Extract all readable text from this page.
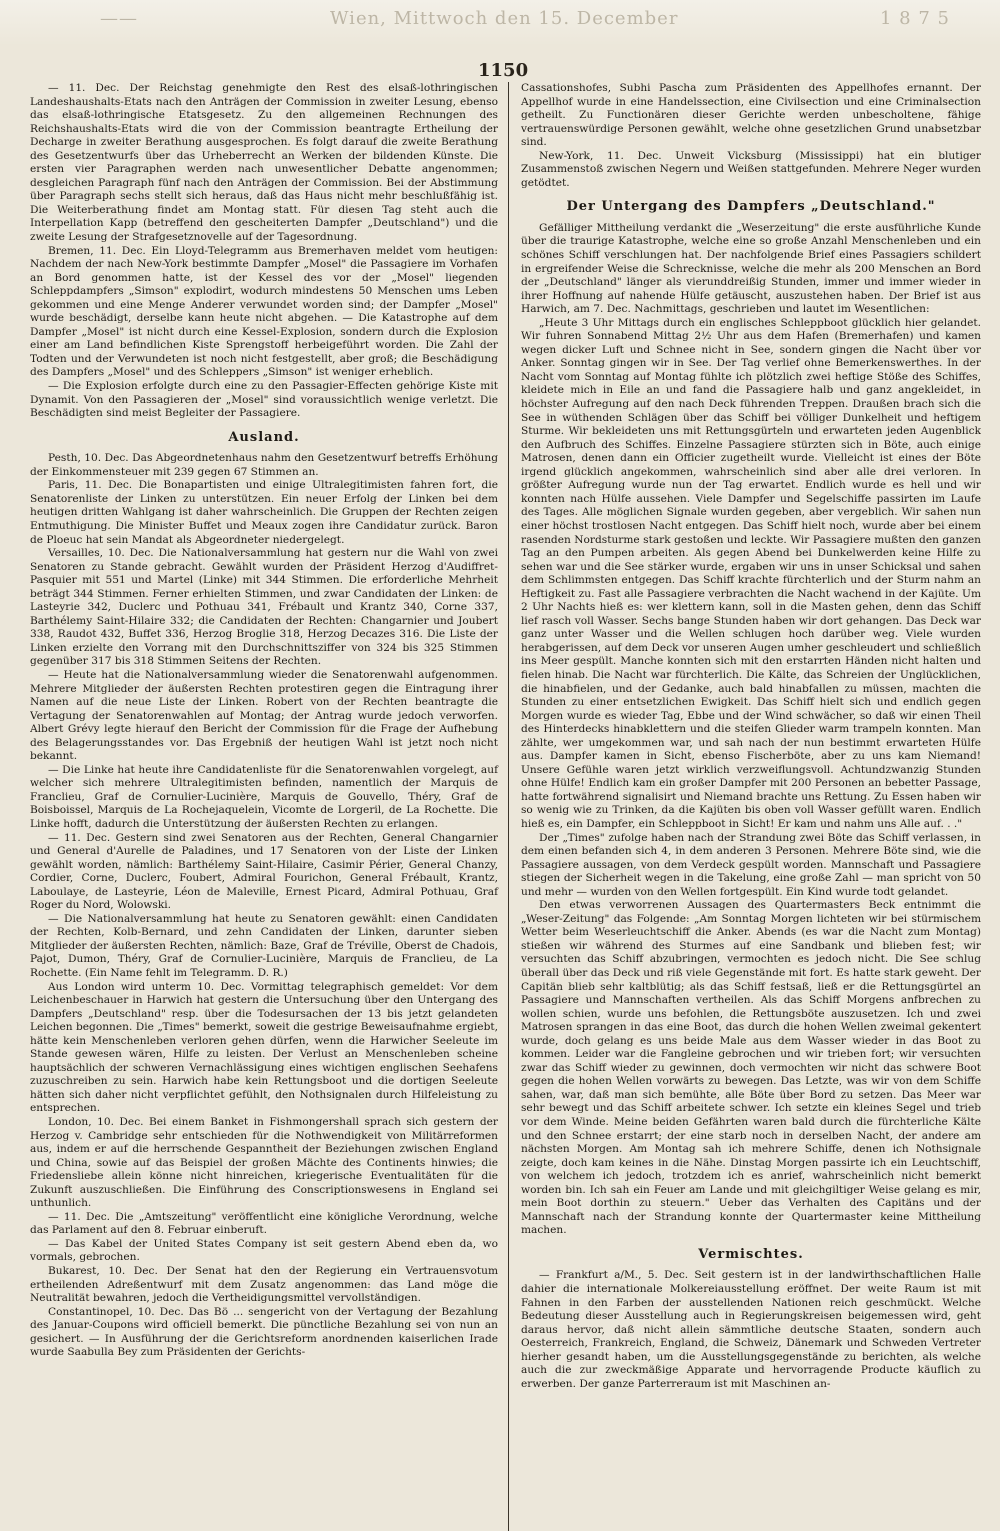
——	Wien, Mittwoch den 15. December	1 8 7 5
1150

— 11. Dec. Der Reichstag genehmigte den Rest des elsaß-lothringischen Landeshaushalts-Etats nach den Anträgen der Commission in zweiter Lesung, ebenso das elsaß-lothringische Etatsgesetz. Zu den allgemeinen Rechnungen des Reichshaushalts-Etats wird die von der Commission beantragte Ertheilung der Decharge in zweiter Berathung ausgesprochen. Es folgt darauf die zweite Berathung des Gesetzentwurfs über das Urheberrecht an Werken der bildenden Künste. Die ersten vier Paragraphen werden nach unwesentlicher Debatte angenommen; desgleichen Paragraph fünf nach den Anträgen der Commission. Bei der Abstimmung über Paragraph sechs stellt sich heraus, daß das Haus nicht mehr beschlußfähig ist. Die Weiterberathung findet am Montag statt. Für diesen Tag steht auch die Interpellation Kapp (betreffend den gescheiterten Dampfer „Deutschland") und die zweite Lesung der Strafgesetznovelle auf der Tagesordnung.

Bremen, 11. Dec. Ein Lloyd-Telegramm aus Bremerhaven meldet vom heutigen: Nachdem der nach New-York bestimmte Dampfer „Mosel" die Passagiere im Vorhafen an Bord genommen hatte, ist der Kessel des vor der „Mosel" liegenden Schleppdampfers „Simson" explodirt, wodurch mindestens 50 Menschen ums Leben gekommen und eine Menge Anderer verwundet worden sind; der Dampfer „Mosel" wurde beschädigt, derselbe kann heute nicht abgehen. — Die Katastrophe auf dem Dampfer „Mosel" ist nicht durch eine Kessel-Explosion, sondern durch die Explosion einer am Land befindlichen Kiste Sprengstoff herbeigeführt worden. Die Zahl der Todten und der Verwundeten ist noch nicht festgestellt, aber groß; die Beschädigung des Dampfers „Mosel" und des Schleppers „Simson" ist weniger erheblich.

— Die Explosion erfolgte durch eine zu den Passagier-Effecten gehörige Kiste mit Dynamit. Von den Passagieren der „Mosel" sind voraussichtlich wenige verletzt. Die Beschädigten sind meist Begleiter der Passagiere.

Ausland.

Pesth, 10. Dec. Das Abgeordnetenhaus nahm den Gesetzentwurf betreffs Erhöhung der Einkommensteuer mit 239 gegen 67 Stimmen an.

Paris, 11. Dec. Die Bonapartisten und einige Ultralegitimisten fahren fort, die Senatorenliste der Linken zu unterstützen. Ein neuer Erfolg der Linken bei dem heutigen dritten Wahlgang ist daher wahrscheinlich. Die Gruppen der Rechten zeigen Entmuthigung. Die Minister Buffet und Meaux zogen ihre Candidatur zurück. Baron de Ploeuc hat sein Mandat als Abgeordneter niedergelegt.

Versailles, 10. Dec. Die Nationalversammlung hat gestern nur die Wahl von zwei Senatoren zu Stande gebracht. Gewählt wurden der Präsident Herzog d'Audiffret-Pasquier mit 551 und Martel (Linke) mit 344 Stimmen. Die erforderliche Mehrheit beträgt 344 Stimmen. Ferner erhielten Stimmen, und zwar Candidaten der Linken: de Lasteyrie 342, Duclerc und Pothuau 341, Frébault und Krantz 340, Corne 337, Barthélemy Saint-Hilaire 332; die Candidaten der Rechten: Changarnier und Joubert 338, Raudot 432, Buffet 336, Herzog Broglie 318, Herzog Decazes 316. Die Liste der Linken erzielte den Vorrang mit den Durchschnittsziffer von 324 bis 325 Stimmen gegenüber 317 bis 318 Stimmen Seitens der Rechten.

— Heute hat die Nationalversammlung wieder die Senatorenwahl aufgenommen. Mehrere Mitglieder der äußersten Rechten protestiren gegen die Eintragung ihrer Namen auf die neue Liste der Linken. Robert von der Rechten beantragte die Vertagung der Senatorenwahlen auf Montag; der Antrag wurde jedoch verworfen. Albert Grévy legte hierauf den Bericht der Commission für die Frage der Aufhebung des Belagerungsstandes vor. Das Ergebniß der heutigen Wahl ist jetzt noch nicht bekannt.

— Die Linke hat heute ihre Candidatenliste für die Senatorenwahlen vorgelegt, auf welcher sich mehrere Ultralegitimisten befinden, namentlich der Marquis de Franclieu, Graf de Cornulier-Lucinière, Marquis de Gouvello, Théry, Graf de Boisboissel, Marquis de La Rochejaquelein, Vicomte de Lorgeril, de La Rochette. Die Linke hofft, dadurch die Unterstützung der äußersten Rechten zu erlangen.

— 11. Dec. Gestern sind zwei Senatoren aus der Rechten, General Changarnier und General d'Aurelle de Paladines, und 17 Senatoren von der Liste der Linken gewählt worden, nämlich: Barthélemy Saint-Hilaire, Casimir Périer, General Chanzy, Cordier, Corne, Duclerc, Foubert, Admiral Fourichon, General Frébault, Krantz, Laboulaye, de Lasteyrie, Léon de Maleville, Ernest Picard, Admiral Pothuau, Graf Roger du Nord, Wolowski.

— Die Nationalversammlung hat heute zu Senatoren gewählt: einen Candidaten der Rechten, Kolb-Bernard, und zehn Candidaten der Linken, darunter sieben Mitglieder der äußersten Rechten, nämlich: Baze, Graf de Tréville, Oberst de Chadois, Pajot, Dumon, Théry, Graf de Cornulier-Lucinière, Marquis de Franclieu, de La Rochette. (Ein Name fehlt im Telegramm. D. R.)

Aus London wird unterm 10. Dec. Vormittag telegraphisch gemeldet: Vor dem Leichenbeschauer in Harwich hat gestern die Untersuchung über den Untergang des Dampfers „Deutschland" resp. über die Todesursachen der 13 bis jetzt gelandeten Leichen begonnen. Die „Times" bemerkt, soweit die gestrige Beweisaufnahme ergiebt, hätte kein Menschenleben verloren gehen dürfen, wenn die Harwicher Seeleute im Stande gewesen wären, Hilfe zu leisten. Der Verlust an Menschenleben scheine hauptsächlich der schweren Vernachlässigung eines wichtigen englischen Seehafens zuzuschreiben zu sein. Harwich habe kein Rettungsboot und die dortigen Seeleute hätten sich daher nicht verpflichtet gefühlt, den Nothsignalen durch Hilfeleistung zu entsprechen.

London, 10. Dec. Bei einem Banket in Fishmongershall sprach sich gestern der Herzog v. Cambridge sehr entschieden für die Nothwendigkeit von Militärreformen aus, indem er auf die herrschende Gespanntheit der Beziehungen zwischen England und China, sowie auf das Beispiel der großen Mächte des Continents hinwies; die Friedensliebe allein könne nicht hinreichen, kriegerische Eventualitäten für die Zukunft auszuschließen. Die Einführung des Conscriptionswesens in England sei unthunlich.

— 11. Dec. Die „Amtszeitung" veröffentlicht eine königliche Verordnung, welche das Parlament auf den 8. Februar einberuft.

— Das Kabel der United States Company ist seit gestern Abend eben da, wo vormals, gebrochen.

Bukarest, 10. Dec. Der Senat hat den der Regierung ein Vertrauensvotum ertheilenden Adreßentwurf mit dem Zusatz angenommen: das Land möge die Neutralität bewahren, jedoch die Vertheidigungsmittel vervollständigen.

Constantinopel, 10. Dec. Das Bö ... sengericht von der Vertagung der Bezahlung des Januar-Coupons wird officiell bemerkt. Die pünctliche Bezahlung sei von nun an gesichert. — In Ausführung der die Gerichtsreform anordnenden kaiserlichen Irade wurde Saabulla Bey zum Präsidenten der Gerichts-

Cassationshofes, Subhi Pascha zum Präsidenten des Appellhofes ernannt. Der Appellhof wurde in eine Handelssection, eine Civilsection und eine Criminalsection getheilt. Zu Functionären dieser Gerichte werden unbescholtene, fähige vertrauenswürdige Personen gewählt, welche ohne gesetzlichen Grund unabsetzbar sind.

New-York, 11. Dec. Unweit Vicksburg (Mississippi) hat ein blutiger Zusammenstoß zwischen Negern und Weißen stattgefunden. Mehrere Neger wurden getödtet.

Der Untergang des Dampfers „Deutschland."

Gefälliger Mittheilung verdankt die „Weserzeitung" die erste ausführliche Kunde über die traurige Katastrophe, welche eine so große Anzahl Menschenleben und ein schönes Schiff verschlungen hat. Der nachfolgende Brief eines Passagiers schildert in ergreifender Weise die Schrecknisse, welche die mehr als 200 Menschen an Bord der „Deutschland" länger als vierunddreißig Stunden, immer und immer wieder in ihrer Hoffnung auf nahende Hülfe getäuscht, auszustehen haben. Der Brief ist aus Harwich, am 7. Dec. Nachmittags, geschrieben und lautet im Wesentlichen:

„Heute 3 Uhr Mittags durch ein englisches Schleppboot glücklich hier gelandet. Wir fuhren Sonnabend Mittag 2½ Uhr aus dem Hafen (Bremerhafen) und kamen wegen dicker Luft und Schnee nicht in See, sondern gingen die Nacht über vor Anker. Sonntag gingen wir in See. Der Tag verlief ohne Bemerkenswerthes. In der Nacht vom Sonntag auf Montag fühlte ich plötzlich zwei heftige Stöße des Schiffes, kleidete mich in Eile an und fand die Passagiere halb und ganz angekleidet, in höchster Aufregung auf den nach Deck führenden Treppen. Draußen brach sich die See in wüthenden Schlägen über das Schiff bei völliger Dunkelheit und heftigem Sturme. Wir bekleideten uns mit Rettungsgürteln und erwarteten jeden Augenblick den Aufbruch des Schiffes. Einzelne Passagiere stürzten sich in Böte, auch einige Matrosen, denen dann ein Officier zugetheilt wurde. Vielleicht ist eines der Böte irgend glücklich angekommen, wahrscheinlich sind aber alle drei verloren. In größter Aufregung wurde nun der Tag erwartet. Endlich wurde es hell und wir konnten nach Hülfe aussehen. Viele Dampfer und Segelschiffe passirten im Laufe des Tages. Alle möglichen Signale wurden gegeben, aber vergeblich. Wir sahen nun einer höchst trostlosen Nacht entgegen. Das Schiff hielt noch, wurde aber bei einem rasenden Nordsturme stark gestoßen und leckte. Wir Passagiere mußten den ganzen Tag an den Pumpen arbeiten. Als gegen Abend bei Dunkelwerden keine Hilfe zu sehen war und die See stärker wurde, ergaben wir uns in unser Schicksal und sahen dem Schlimmsten entgegen. Das Schiff krachte fürchterlich und der Sturm nahm an Heftigkeit zu. Fast alle Passagiere verbrachten die Nacht wachend in der Kajüte. Um 2 Uhr Nachts hieß es: wer klettern kann, soll in die Masten gehen, denn das Schiff lief rasch voll Wasser. Sechs bange Stunden haben wir dort gehangen. Das Deck war ganz unter Wasser und die Wellen schlugen hoch darüber weg. Viele wurden herabgerissen, auf dem Deck vor unseren Augen umher geschleudert und schließlich ins Meer gespült. Manche konnten sich mit den erstarrten Händen nicht halten und fielen hinab. Die Nacht war fürchterlich. Die Kälte, das Schreien der Unglücklichen, die hinabfielen, und der Gedanke, auch bald hinabfallen zu müssen, machten die Stunden zu einer entsetzlichen Ewigkeit. Das Schiff hielt sich und endlich gegen Morgen wurde es wieder Tag, Ebbe und der Wind schwächer, so daß wir einen Theil des Hinterdecks hinabklettern und die steifen Glieder warm trampeln konnten. Man zählte, wer umgekommen war, und sah nach der nun bestimmt erwarteten Hülfe aus. Dampfer kamen in Sicht, ebenso Fischerböte, aber zu uns kam Niemand! Unsere Gefühle waren jetzt wirklich verzweiflungsvoll. Achtundzwanzig Stunden ohne Hülfe! Endlich kam ein großer Dampfer mit 200 Personen an bebetter Passage, hatte fortwährend signalisirt und Niemand brachte uns Rettung. Zu Essen haben wir so wenig wie zu Trinken, da die Kajüten bis oben voll Wasser gefüllt waren. Endlich hieß es, ein Dampfer, ein Schleppboot in Sicht! Er kam und nahm uns Alle auf. . ."

Der „Times" zufolge haben nach der Strandung zwei Böte das Schiff verlassen, in dem einen befanden sich 4, in dem anderen 3 Personen. Mehrere Böte sind, wie die Passagiere aussagen, von dem Verdeck gespült worden. Mannschaft und Passagiere stiegen der Sicherheit wegen in die Takelung, eine große Zahl — man spricht von 50 und mehr — wurden von den Wellen fortgespült. Ein Kind wurde todt gelandet.

Den etwas verworrenen Aussagen des Quartermasters Beck entnimmt die „Weser-Zeitung" das Folgende: „Am Sonntag Morgen lichteten wir bei stürmischem Wetter beim Weserleuchtschiff die Anker. Abends (es war die Nacht zum Montag) stießen wir während des Sturmes auf eine Sandbank und blieben fest; wir versuchten das Schiff abzubringen, vermochten es jedoch nicht. Die See schlug überall über das Deck und riß viele Gegenstände mit fort. Es hatte stark geweht. Der Capitän blieb sehr kaltblütig; als das Schiff festsaß, ließ er die Rettungsgürtel an Passagiere und Mannschaften vertheilen. Als das Schiff Morgens anfbrechen zu wollen schien, wurde uns befohlen, die Rettungsböte auszusetzen. Ich und zwei Matrosen sprangen in das eine Boot, das durch die hohen Wellen zweimal gekentert wurde, doch gelang es uns beide Male aus dem Wasser wieder in das Boot zu kommen. Leider war die Fangleine gebrochen und wir trieben fort; wir versuchten zwar das Schiff wieder zu gewinnen, doch vermochten wir nicht das schwere Boot gegen die hohen Wellen vorwärts zu bewegen. Das Letzte, was wir von dem Schiffe sahen, war, daß man sich bemühte, alle Böte über Bord zu setzen. Das Meer war sehr bewegt und das Schiff arbeitete schwer. Ich setzte ein kleines Segel und trieb vor dem Winde. Meine beiden Gefährten waren bald durch die fürchterliche Kälte und den Schnee erstarrt; der eine starb noch in derselben Nacht, der andere am nächsten Morgen. Am Montag sah ich mehrere Schiffe, denen ich Nothsignale zeigte, doch kam keines in die Nähe. Dinstag Morgen passirte ich ein Leuchtschiff, von welchem ich jedoch, trotzdem ich es anrief, wahrscheinlich nicht bemerkt worden bin. Ich sah ein Feuer am Lande und mit gleichgiltiger Weise gelang es mir, mein Boot dorthin zu steuern." Ueber das Verhalten des Capitäns und der Mannschaft nach der Strandung konnte der Quartermaster keine Mittheilung machen.

Vermischtes.

— Frankfurt a/M., 5. Dec. Seit gestern ist in der landwirthschaftlichen Halle dahier die internationale Molkereiausstellung eröffnet. Der weite Raum ist mit Fahnen in den Farben der ausstellenden Nationen reich geschmückt. Welche Bedeutung dieser Ausstellung auch in Regierungskreisen beigemessen wird, geht daraus hervor, daß nicht allein sämmtliche deutsche Staaten, sondern auch Oesterreich, Frankreich, England, die Schweiz, Dänemark und Schweden Vertreter hierher gesandt haben, um die Ausstellungsgegenstände zu berichten, als welche auch die zur zweckmäßige Apparate und hervorragende Producte käuflich zu erwerben. Der ganze Parterreraum ist mit Maschinen an-
